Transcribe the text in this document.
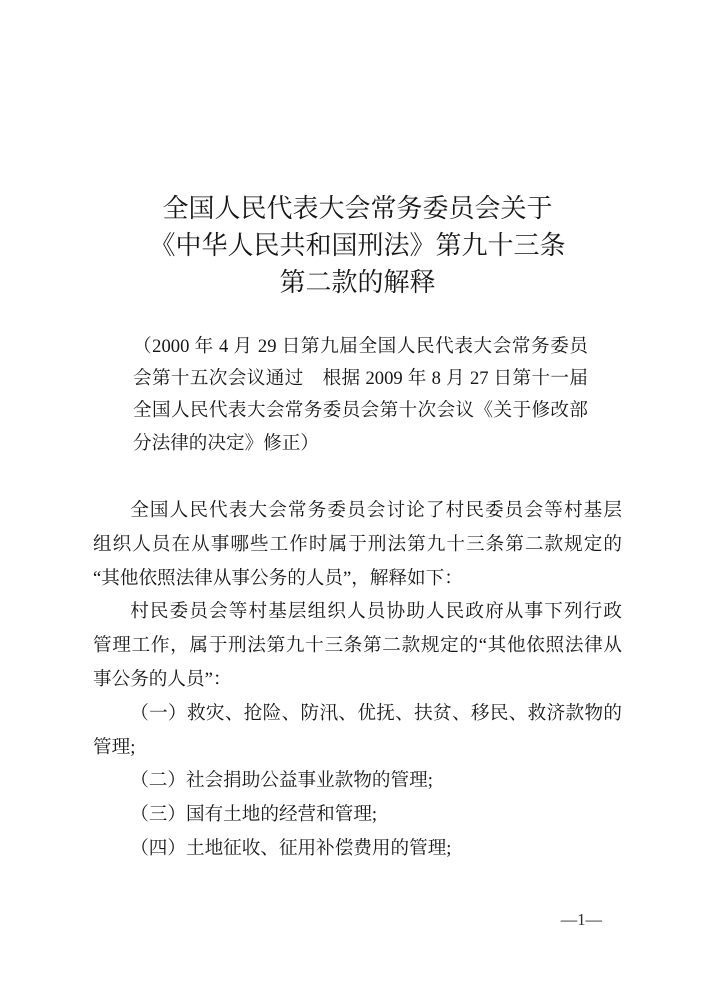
全国人民代表大会常务委员会关于
《中华人民共和国刑法》第九十三条
第二款的解释
（2000 年 4 月 29 日第九届全国人民代表大会常务委员
会第十五次会议通过　根据 2009 年 8 月 27 日第十一届
全国人民代表大会常务委员会第十次会议《关于修改部
分法律的决定》修正）
全国人民代表大会常务委员会讨论了村民委员会等村基层
组织人员在从事哪些工作时属于刑法第九十三条第二款规定的
“其他依照法律从事公务的人员”，解释如下：
村民委员会等村基层组织人员协助人民政府从事下列行政
管理工作，属于刑法第九十三条第二款规定的“其他依照法律从
事公务的人员”：
（一）救灾、抢险、防汛、优抚、扶贫、移民、救济款物的
管理;
（二）社会捐助公益事业款物的管理;
（三）国有土地的经营和管理;
（四）土地征收、征用补偿费用的管理;
—1—
